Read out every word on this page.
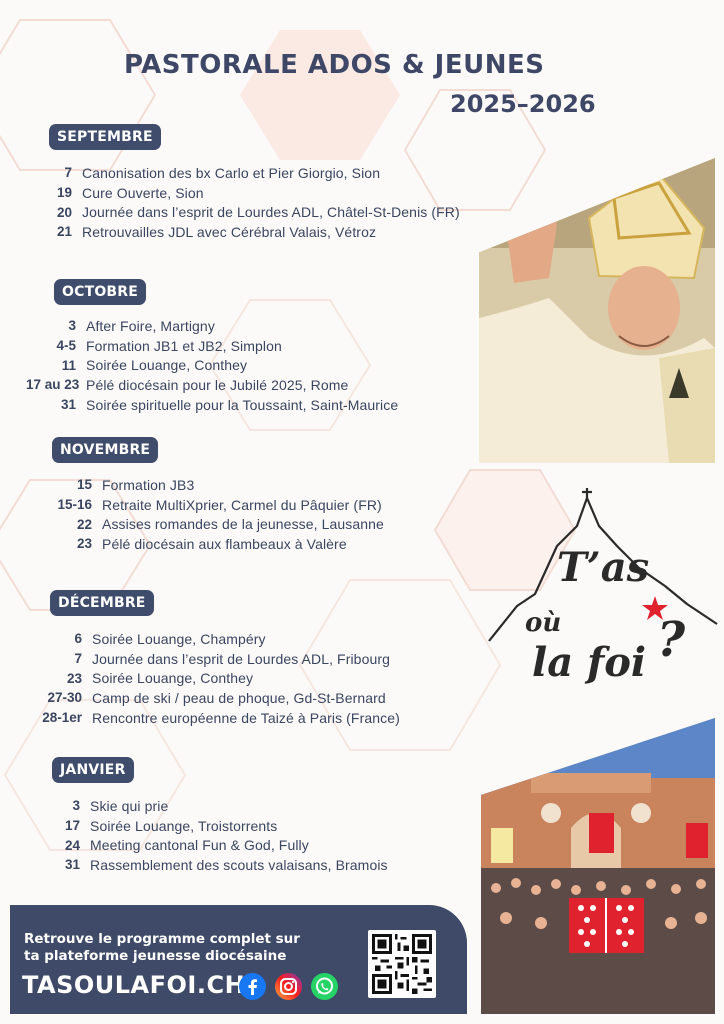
PASTORALE ADOS & JEUNES
2025–2026
SEPTEMBRE
7 Canonisation des bx Carlo et Pier Giorgio, Sion
19 Cure Ouverte, Sion
20 Journée dans l’esprit de Lourdes ADL, Châtel-St-Denis (FR)
21 Retrouvailles JDL avec Cérébral Valais, Vétroz
OCTOBRE
3 After Foire, Martigny
4-5 Formation JB1 et JB2, Simplon
11 Soirée Louange, Conthey
17 au 23 Pélé diocésain pour le Jubilé 2025, Rome
31 Soirée spirituelle pour la Toussaint, Saint-Maurice
NOVEMBRE
15 Formation JB3
15-16 Retraite MultiXprier, Carmel du Pâquier (FR)
22 Assises romandes de la jeunesse, Lausanne
23 Pélé diocésain aux flambeaux à Valère
DÉCEMBRE
6 Soirée Louange, Champéry
7 Journée dans l’esprit de Lourdes ADL, Fribourg
23 Soirée Louange, Conthey
27-30 Camp de ski / peau de phoque, Gd-St-Bernard
28-1er Rencontre européenne de Taizé à Paris (France)
JANVIER
3 Skie qui prie
17 Soirée Louange, Troistorrents
24 Meeting cantonal Fun & God, Fully
31 Rassemblement des scouts valaisans, Bramois
T’as
où
la foi ?
Retrouve le programme complet sur
ta plateforme jeunesse diocésaine
TASOULAFOI.CH
